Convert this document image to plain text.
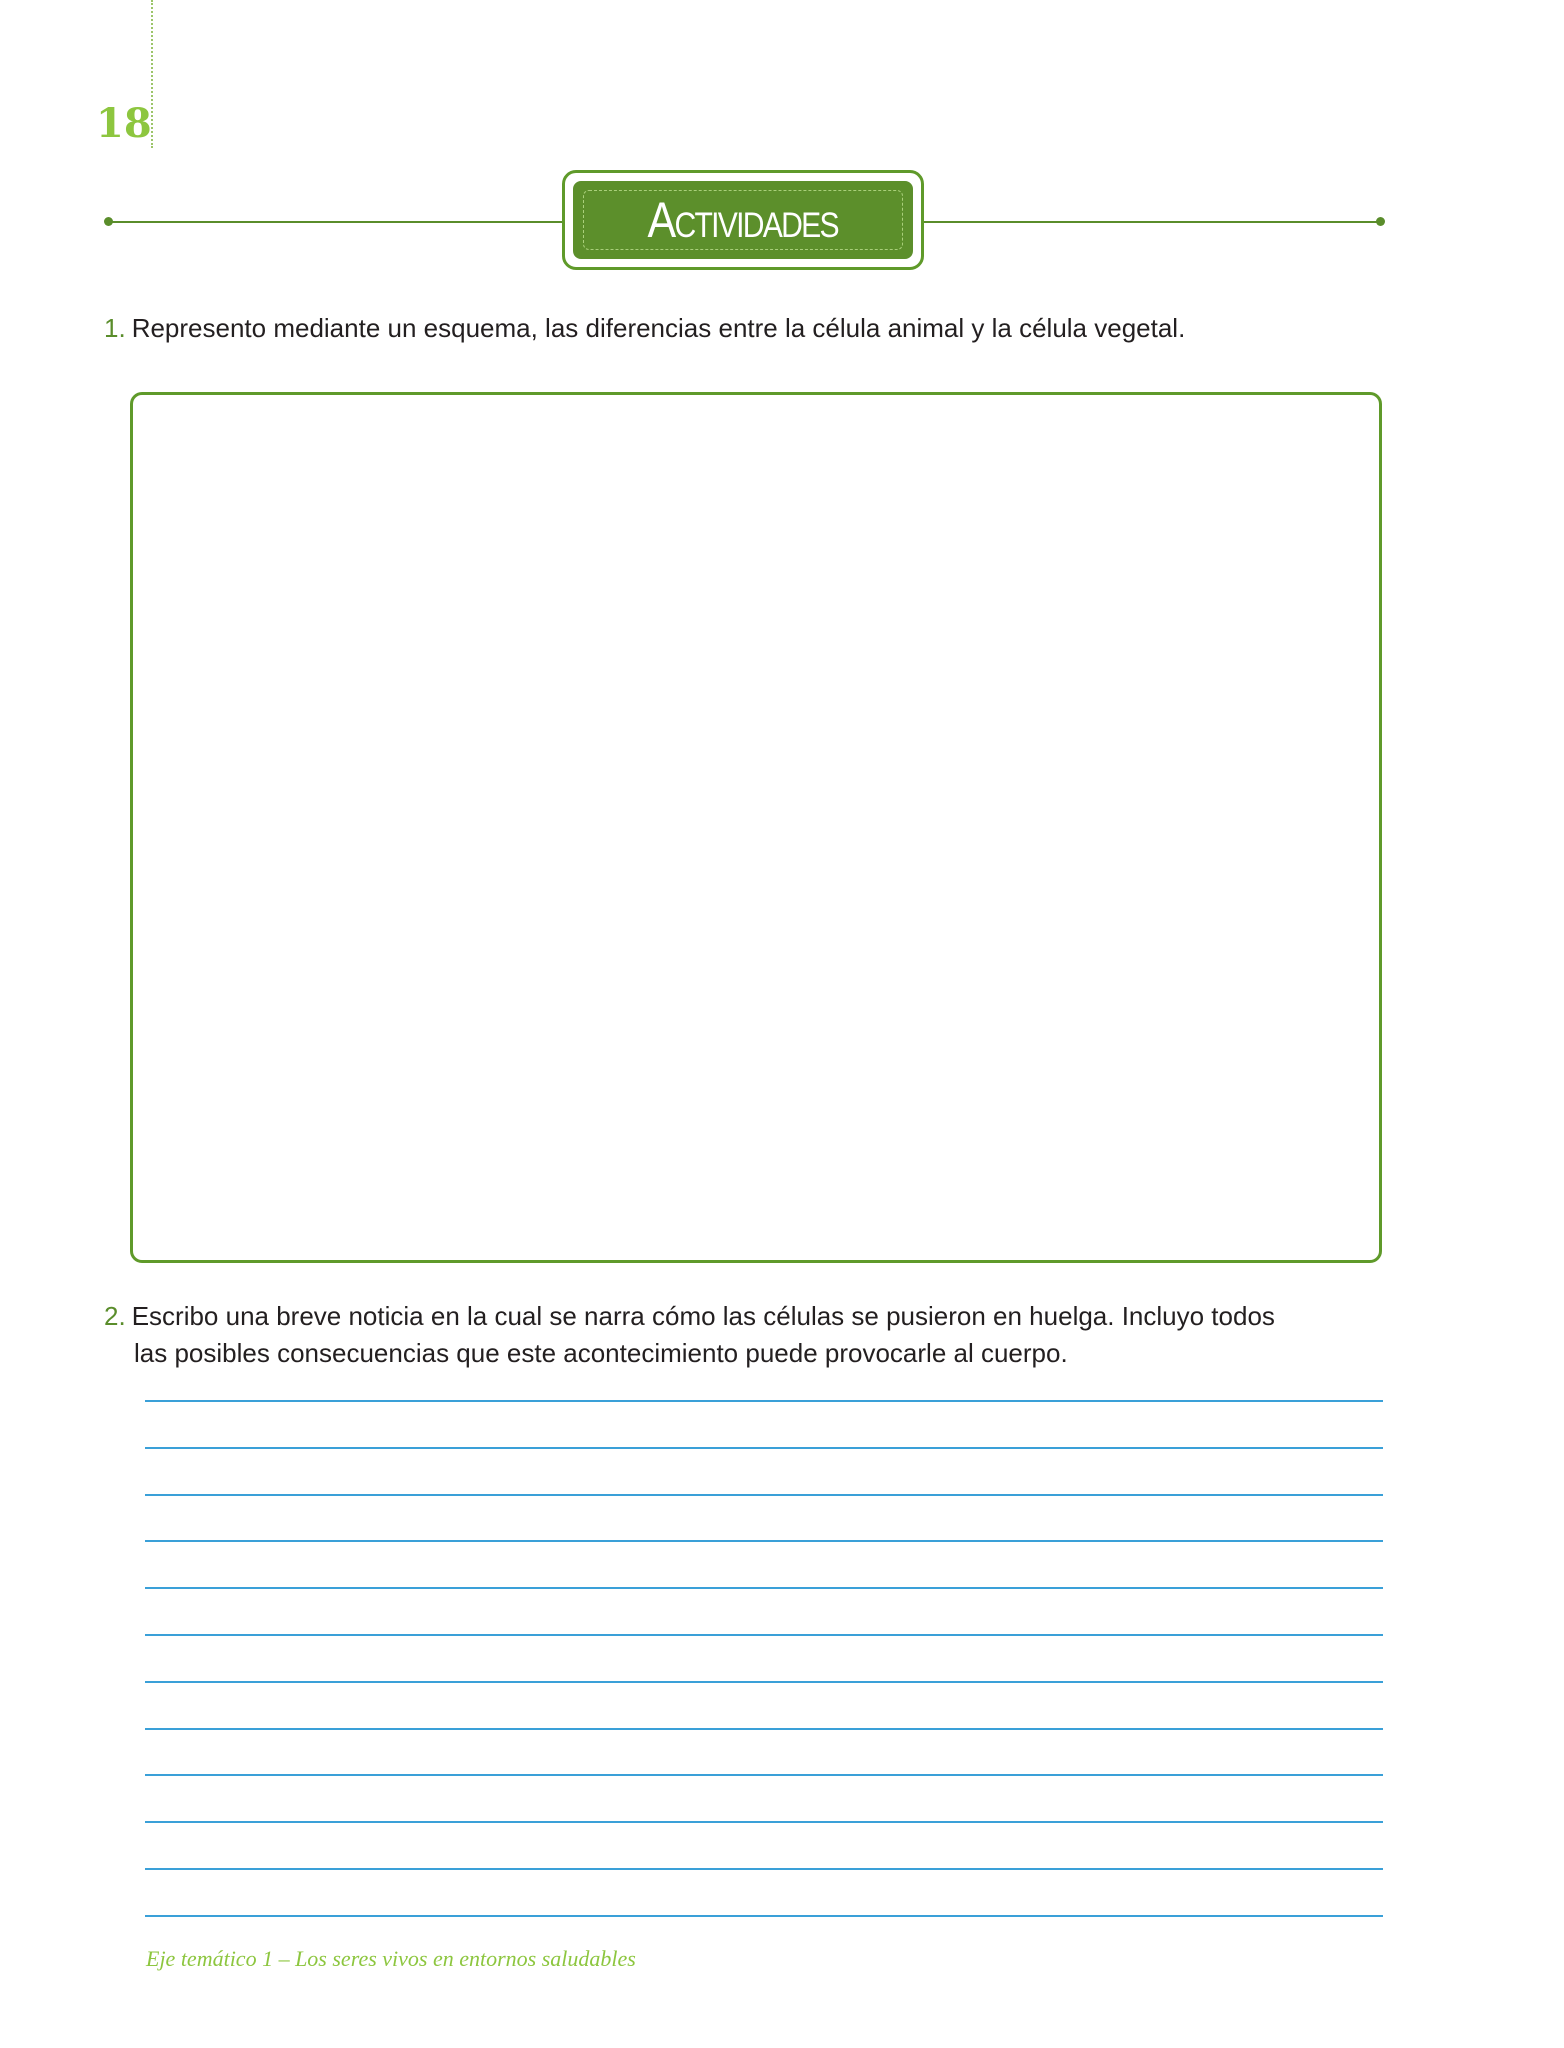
18
Actividades
1. Represento mediante un esquema, las diferencias entre la célula animal y la célula vegetal.
2. Escribo una breve noticia en la cual se narra cómo las células se pusieron en huelga. Incluyo todos
las posibles consecuencias que este acontecimiento puede provocarle al cuerpo.
Eje temático 1 – Los seres vivos en entornos saludables
